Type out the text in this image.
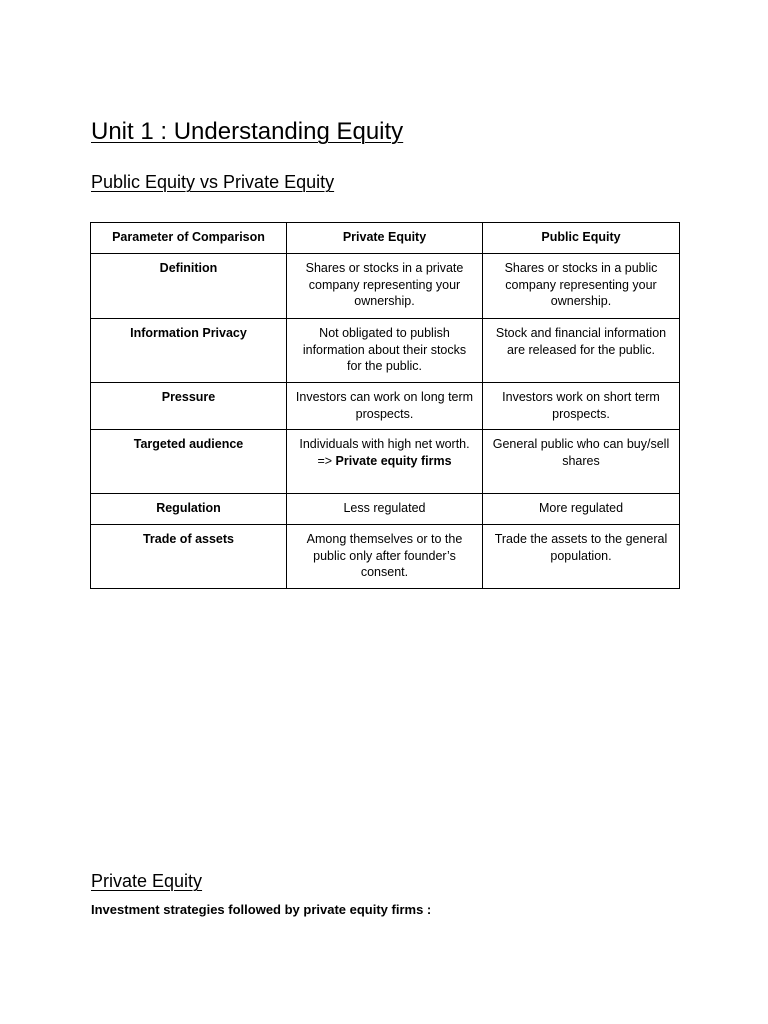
Unit 1 : Understanding Equity
Public Equity vs Private Equity
Parameter of Comparison	Private Equity	Public Equity
Definition	Shares or stocks in a private company representing your ownership.	Shares or stocks in a public company representing your ownership.
Information Privacy	Not obligated to publish information about their stocks for the public.	Stock and financial information are released for the public.
Pressure	Investors can work on long term prospects.	Investors work on short term prospects.
Targeted audience	Individuals with high net worth. => Private equity firms	General public who can buy/sell shares
Regulation	Less regulated	More regulated
Trade of assets	Among themselves or to the public only after founder’s consent.	Trade the assets to the general population.
Private Equity

Investment strategies followed by private equity firms :
